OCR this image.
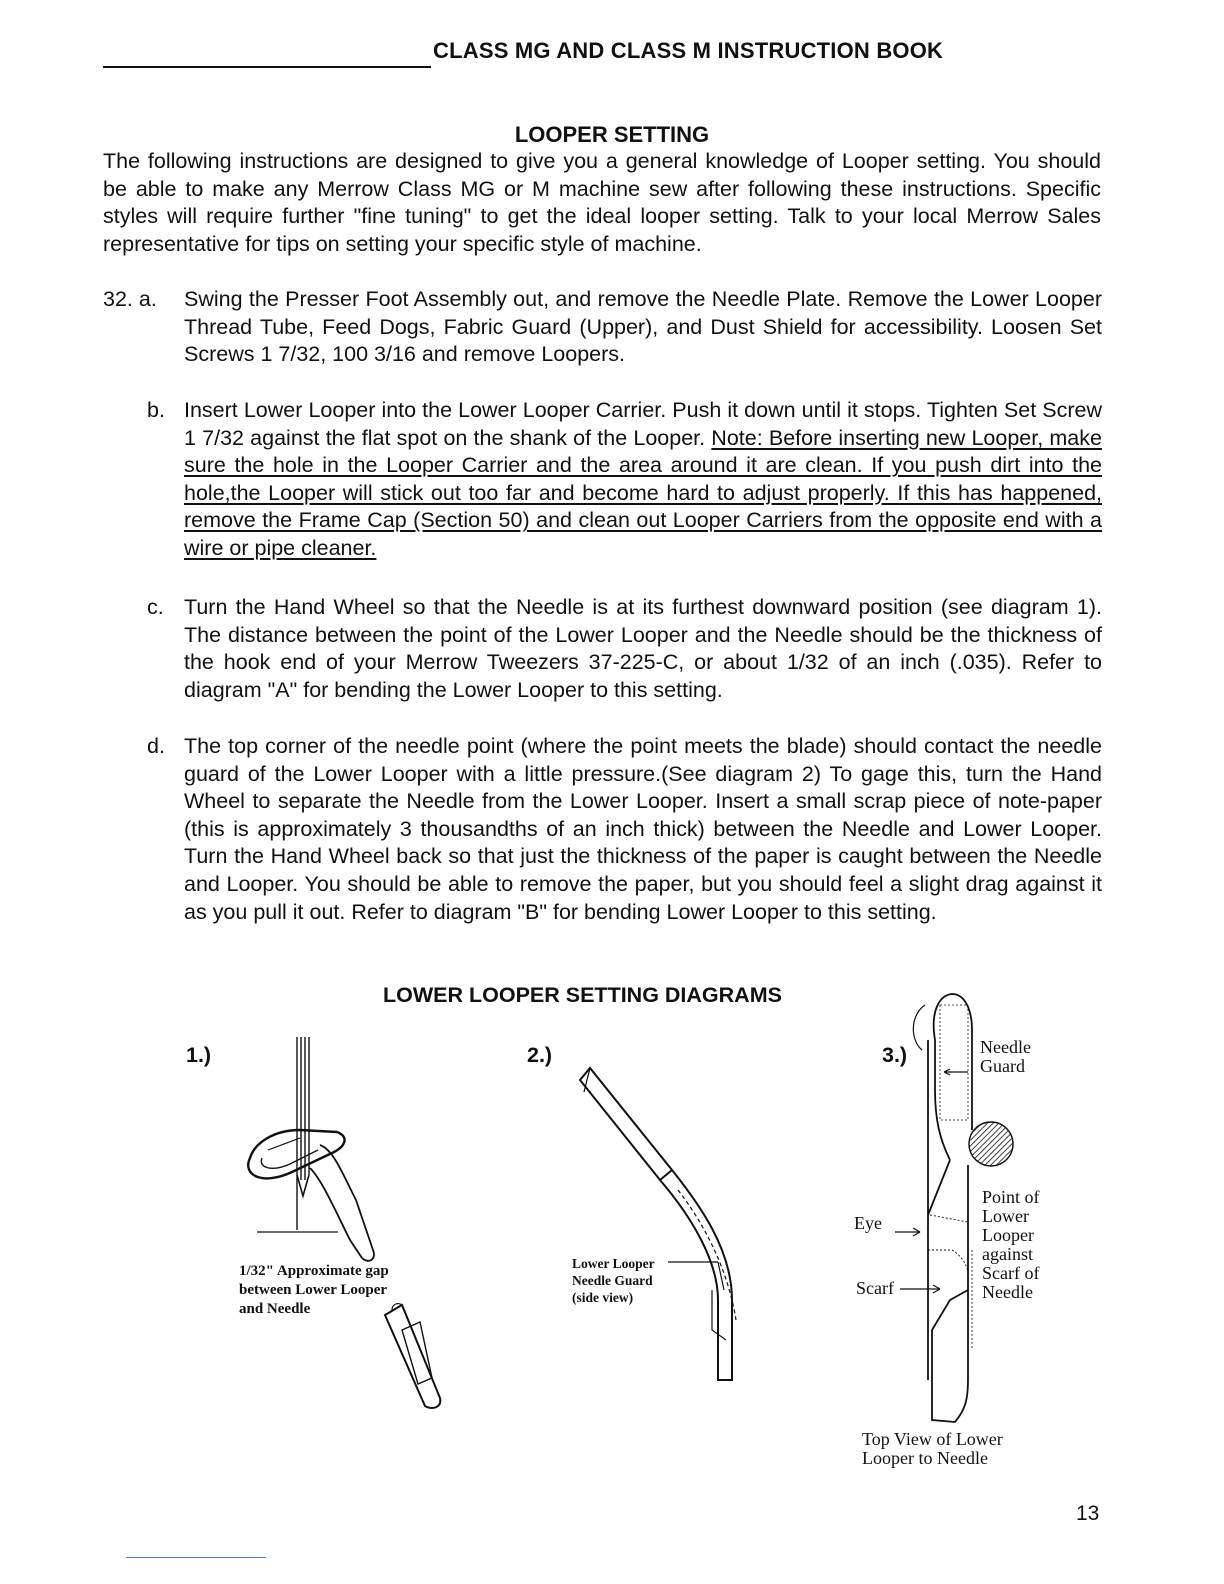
CLASS MG AND CLASS M INSTRUCTION BOOK
LOOPER SETTING
The following instructions are designed to give you a general knowledge of Looper setting. You should be able to make any Merrow Class MG or M machine sew after following these instructions. Specific styles will require further "fine tuning" to get the ideal looper setting. Talk to your local Merrow Sales representative for tips on setting your specific style of machine.
32. a. Swing the Presser Foot Assembly out, and remove the Needle Plate. Remove the Lower Looper Thread Tube, Feed Dogs, Fabric Guard (Upper), and Dust Shield for accessibility. Loosen Set Screws 1 7/32, 100 3/16 and remove Loopers.
b. Insert Lower Looper into the Lower Looper Carrier. Push it down until it stops. Tighten Set Screw 1 7/32 against the flat spot on the shank of the Looper. Note: Before inserting new Looper, make sure the hole in the Looper Carrier and the area around it are clean. If you push dirt into the hole,the Looper will stick out too far and become hard to adjust properly. If this has happened, remove the Frame Cap (Section 50) and clean out Looper Carriers from the opposite end with a wire or pipe cleaner.
c. Turn the Hand Wheel so that the Needle is at its furthest downward position (see diagram 1). The distance between the point of the Lower Looper and the Needle should be the thickness of the hook end of your Merrow Tweezers 37-225-C, or about 1/32 of an inch (.035). Refer to diagram "A" for bending the Lower Looper to this setting.
d. The top corner of the needle point (where the point meets the blade) should contact the needle guard of the Lower Looper with a little pressure.(See diagram 2) To gage this, turn the Hand Wheel to separate the Needle from the Lower Looper. Insert a small scrap piece of note-paper (this is approximately 3 thousandths of an inch thick) between the Needle and Lower Looper. Turn the Hand Wheel back so that just the thickness of the paper is caught between the Needle and Looper. You should be able to remove the paper, but you should feel a slight drag against it as you pull it out. Refer to diagram "B" for bending Lower Looper to this setting.
LOWER LOOPER SETTING DIAGRAMS
1.)	2.)	3.)
1/32" Approximate gap
between Lower Looper
and Needle
Lower Looper
Needle Guard
(side view)
Needle
Guard
Eye
Scarf
Point of
Lower
Looper
against
Scarf of
Needle
Top View of Lower
Looper to Needle
13
